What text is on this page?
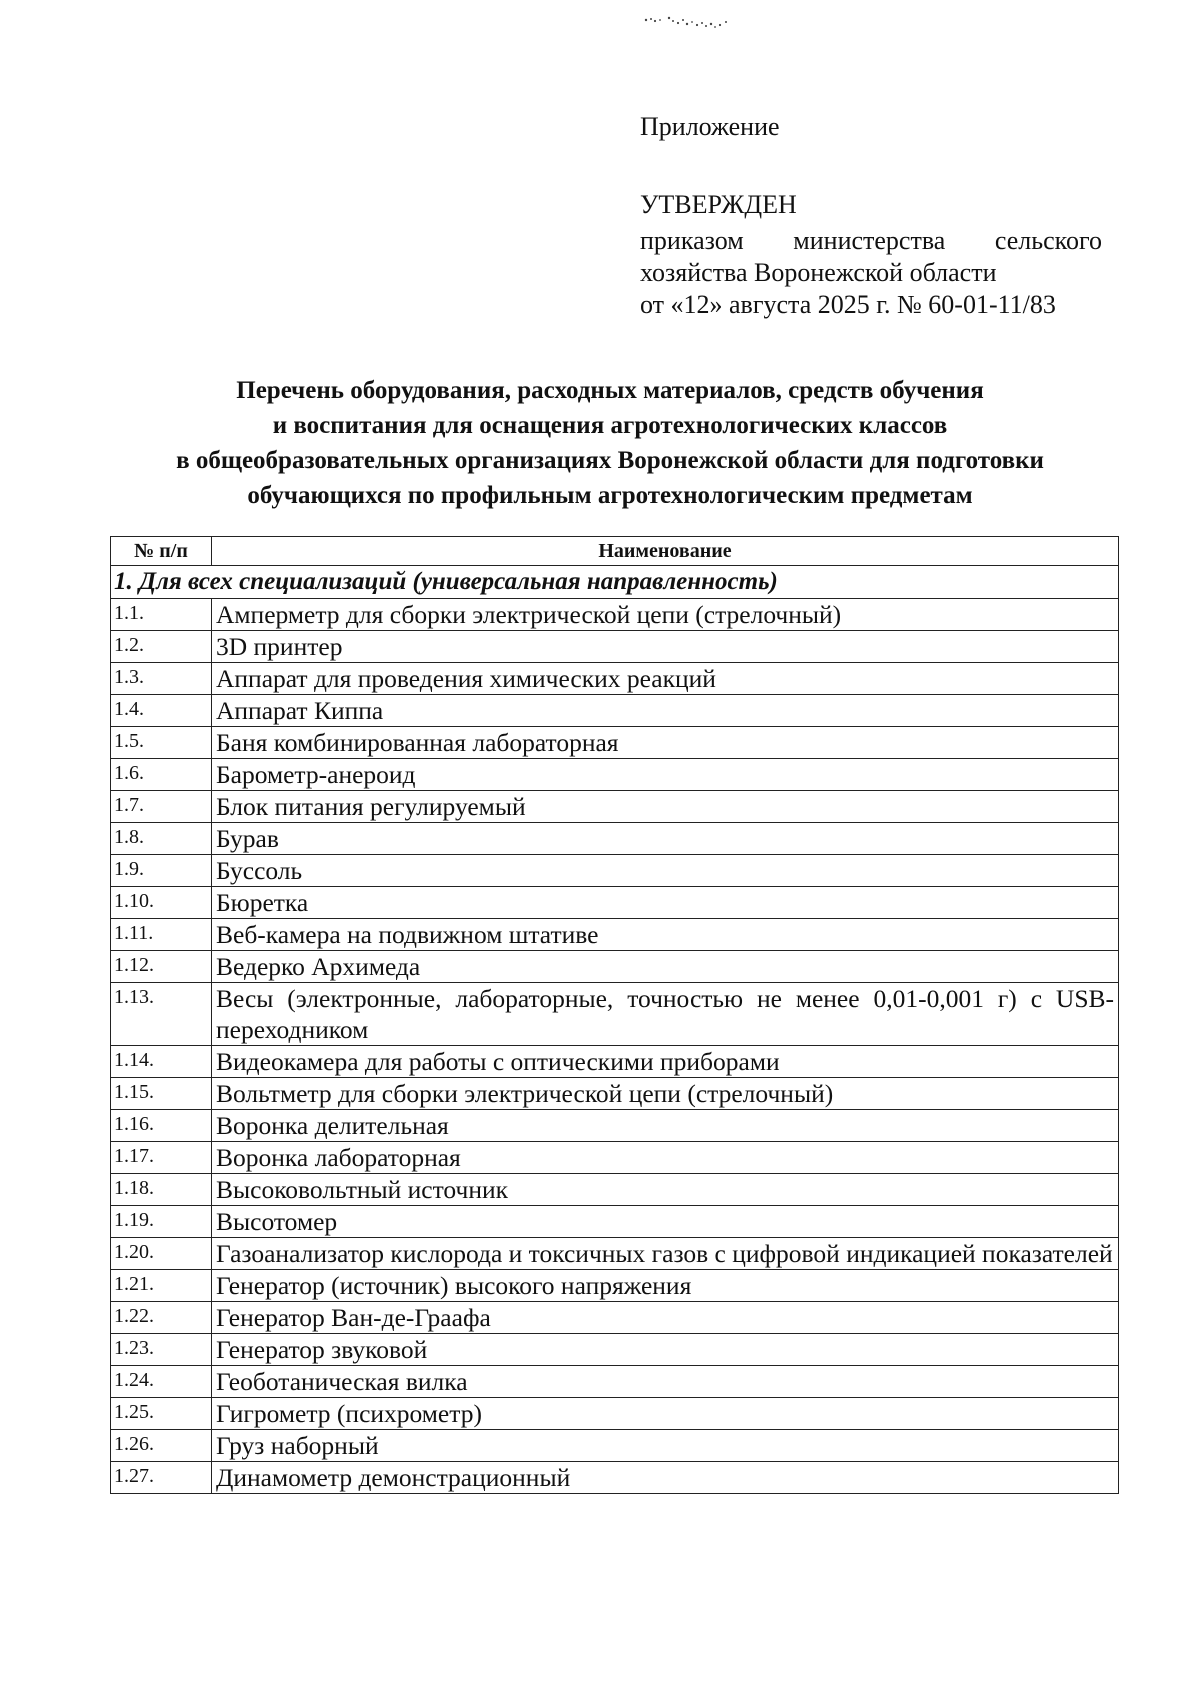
Приложение
УТВЕРЖДЕН
приказом министерства сельского
хозяйства Воронежской области
от «12» августа 2025 г. № 60-01-11/83
Перечень оборудования, расходных материалов, средств обучения
и воспитания для оснащения агротехнологических классов
в общеобразовательных организациях Воронежской области для подготовки
обучающихся по профильным агротехнологическим предметам
№ п/п	Наименование
1. Для всех специализаций (универсальная направленность)	
1.1.	Амперметр для сборки электрической цепи (стрелочный)
1.2.	3D принтер
1.3.	Аппарат для проведения химических реакций
1.4.	Аппарат Киппа
1.5.	Баня комбинированная лабораторная
1.6.	Барометр-анероид
1.7.	Блок питания регулируемый
1.8.	Бурав
1.9.	Буссоль
1.10.	Бюретка
1.11.	Веб-камера на подвижном штативе
1.12.	Ведерко Архимеда
1.13.	Весы (электронные, лабораторные, точностью не менее 0,01-0,001 г) с USB-переходником
1.14.	Видеокамера для работы с оптическими приборами
1.15.	Вольтметр для сборки электрической цепи (стрелочный)
1.16.	Воронка делительная
1.17.	Воронка лабораторная
1.18.	Высоковольтный источник
1.19.	Высотомер
1.20.	Газоанализатор кислорода и токсичных газов с цифровой индикацией показателей
1.21.	Генератор (источник) высокого напряжения
1.22.	Генератор Ван-де-Граафа
1.23.	Генератор звуковой
1.24.	Геоботаническая вилка
1.25.	Гигрометр (психрометр)
1.26.	Груз наборный
1.27.	Динамометр демонстрационный
